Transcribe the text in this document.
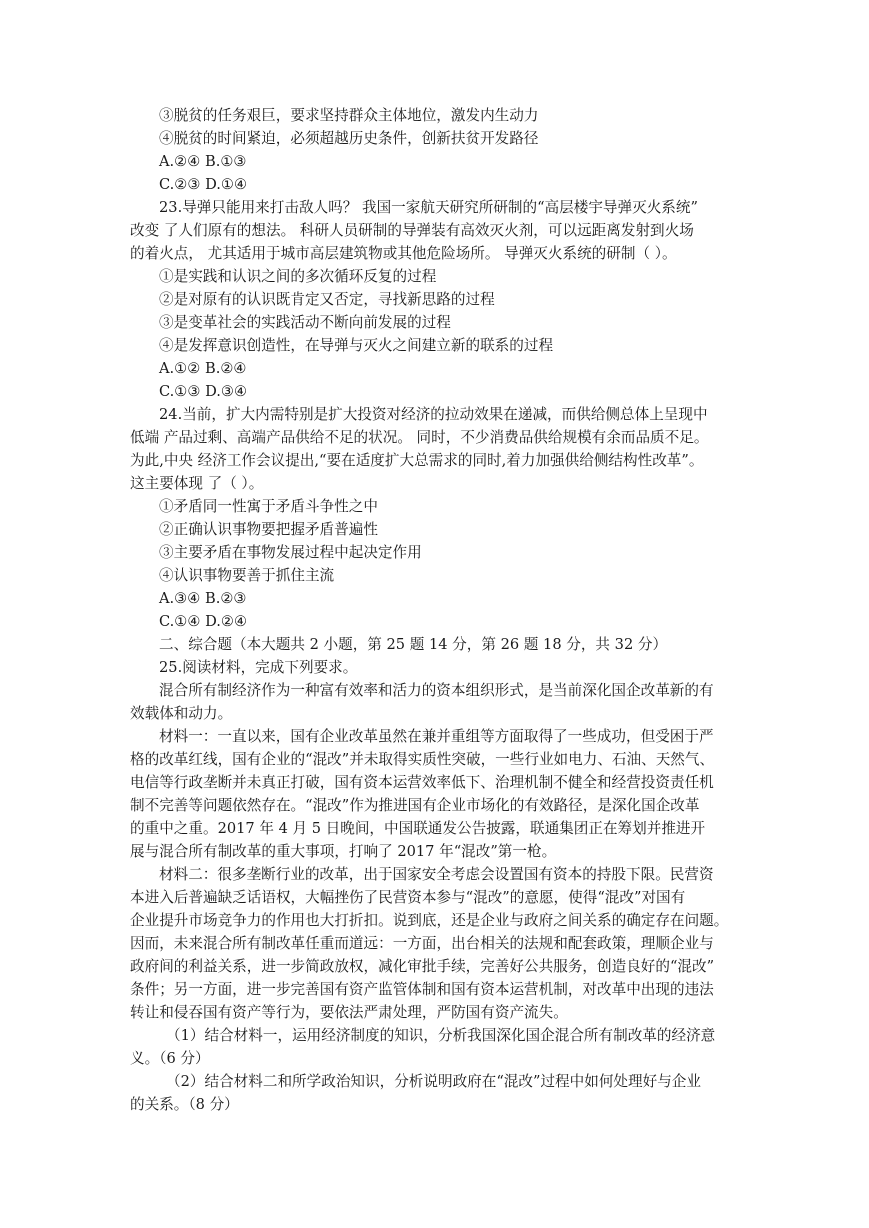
③脱贫的任务艰巨，要求坚持群众主体地位，激发内生动力
④脱贫的时间紧迫，必须超越历史条件，创新扶贫开发路径
A.②④ B.①③
C.②③ D.①④
23.导弹只能用来打击敌人吗？ 我国一家航天研究所研制的“高层楼宇导弹灭火系统”
改变 了人们原有的想法。 科研人员研制的导弹装有高效灭火剂，可以远距离发射到火场
的着火点， 尤其适用于城市高层建筑物或其他危险场所。 导弹灭火系统的研制（ ）。
①是实践和认识之间的多次循环反复的过程
②是对原有的认识既肯定又否定，寻找新思路的过程
③是变革社会的实践活动不断向前发展的过程
④是发挥意识创造性，在导弹与灭火之间建立新的联系的过程
A.①② B.②④
C.①③ D.③④
24.当前，扩大内需特别是扩大投资对经济的拉动效果在递减，而供给侧总体上呈现中
低端 产品过剩、高端产品供给不足的状况。 同时，不少消费品供给规模有余而品质不足。
为此,中央 经济工作会议提出,“要在适度扩大总需求的同时,着力加强供给侧结构性改革”。
这主要体现 了（ ）。
①矛盾同一性寓于矛盾斗争性之中
②正确认识事物要把握矛盾普遍性
③主要矛盾在事物发展过程中起决定作用
④认识事物要善于抓住主流
A.③④ B.②③
C.①④ D.②④
二、综合题（本大题共 2 小题，第 25 题 14 分，第 26 题 18 分，共 32 分）
25.阅读材料，完成下列要求。
混合所有制经济作为一种富有效率和活力的资本组织形式，是当前深化国企改革新的有
效载体和动力。
材料一：一直以来，国有企业改革虽然在兼并重组等方面取得了一些成功，但受困于严
格的改革红线，国有企业的“混改”并未取得实质性突破，一些行业如电力、石油、天然气、
电信等行政垄断并未真正打破，国有资本运营效率低下、治理机制不健全和经营投资责任机
制不完善等问题依然存在。“混改”作为推进国有企业市场化的有效路径，是深化国企改革
的重中之重。2017 年 4 月 5 日晚间，中国联通发公告披露，联通集团正在筹划并推进开
展与混合所有制改革的重大事项，打响了 2017 年“混改”第一枪。
材料二：很多垄断行业的改革，出于国家安全考虑会设置国有资本的持股下限。民营资
本进入后普遍缺乏话语权，大幅挫伤了民营资本参与“混改”的意愿，使得“混改”对国有
企业提升市场竞争力的作用也大打折扣。说到底，还是企业与政府之间关系的确定存在问题。
因而，未来混合所有制改革任重而道远：一方面，出台相关的法规和配套政策，理顺企业与
政府间的利益关系，进一步简政放权，减化审批手续，完善好公共服务，创造良好的“混改”
条件；另一方面，进一步完善国有资产监管体制和国有资本运营机制，对改革中出现的违法
转让和侵吞国有资产等行为，要依法严肃处理，严防国有资产流失。
（1）结合材料一，运用经济制度的知识，分析我国深化国企混合所有制改革的经济意
义。（6 分）
（2）结合材料二和所学政治知识，分析说明政府在“混改”过程中如何处理好与企业
的关系。（8 分）
